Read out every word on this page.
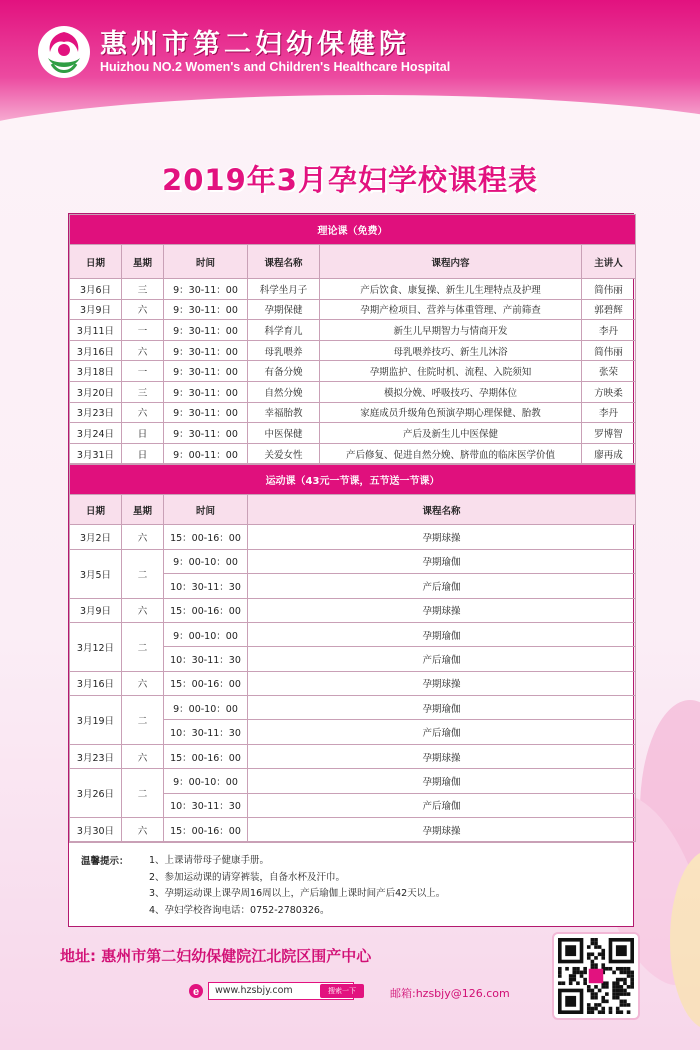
惠州市第二妇幼保健院
Huizhou NO.2 Women's and Children's Healthcare Hospital
2019年3月孕妇学校课程表
理论课（免费）					
日期	星期	时间	课程名称	课程内容	主讲人
3月6日	三	9：30-11：00	科学坐月子	产后饮食、康复操、新生儿生理特点及护理	简伟丽
3月9日	六	9：30-11：00	孕期保健	孕期产检项目、营养与体重管理、产前筛查	郭碧辉
3月11日	一	9：30-11：00	科学育儿	新生儿早期智力与情商开发	李丹
3月16日	六	9：30-11：00	母乳喂养	母乳喂养技巧、新生儿沐浴	简伟丽
3月18日	一	9：30-11：00	有备分娩	孕期监护、住院时机、流程、入院须知	张荣
3月20日	三	9：30-11：00	自然分娩	模拟分娩、呼吸技巧、孕期体位	方映柔
3月23日	六	9：30-11：00	幸福胎教	家庭成员升级角色预演孕期心理保健、胎教	李丹
3月24日	日	9：30-11：00	中医保健	产后及新生儿中医保健	罗博智
3月31日	日	9：00-11：00	关爱女性	产后修复、促进自然分娩、脐带血的临床医学价值	廖再成
运动课（43元一节课，五节送一节课）			
日期	星期	时间	课程名称
3月2日	六	15：00-16：00	孕期球操
3月5日	二	9：00-10：00	孕期瑜伽
		10：30-11：30	产后瑜伽
3月9日	六	15：00-16：00	孕期球操
3月12日	二	9：00-10：00	孕期瑜伽
		10：30-11：30	产后瑜伽
3月16日	六	15：00-16：00	孕期球操
3月19日	二	9：00-10：00	孕期瑜伽
		10：30-11：30	产后瑜伽
3月23日	六	15：00-16：00	孕期球操
3月26日	二	9：00-10：00	孕期瑜伽
		10：30-11：30	产后瑜伽
3月30日	六	15：00-16：00	孕期球操
温馨提示： 1、上课请带母子健康手册。
2、参加运动课的请穿裤装，自备水杯及汗巾。
3、孕期运动课上课孕周16周以上，产后瑜伽上课时间产后42天以上。
4、孕妇学校咨询电话：0752-2780326。
地址: 惠州市第二妇幼保健院江北院区围产中心
e	www.hzsbjy.com	搜索一下	邮箱:hzsbjy@126.com
